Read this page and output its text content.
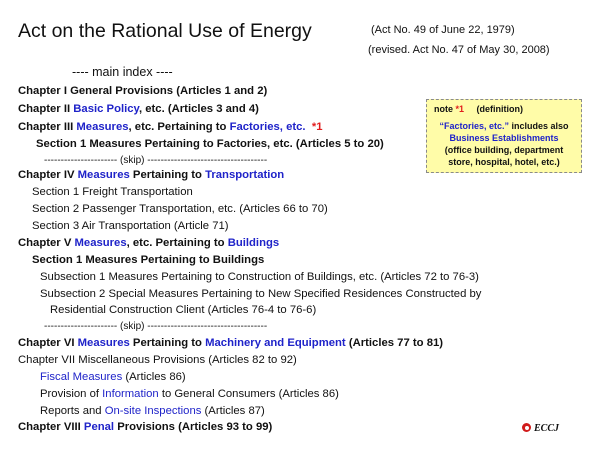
Act on the Rational Use of Energy	(Act No. 49 of June 22, 1979)
(revised. Act No. 47 of May 30, 2008)
---- main index ----
Chapter I General Provisions (Articles 1 and 2)
Chapter II Basic Policy, etc. (Articles 3 and 4)
Chapter III Measures, etc. Pertaining to Factories, etc. *1
Section 1 Measures Pertaining to Factories, etc. (Articles 5 to 20)
---------------------- (skip) ------------------------------------
Chapter IV Measures Pertaining to Transportation
Section 1 Freight Transportation
Section 2 Passenger Transportation, etc. (Articles 66 to 70)
Section 3 Air Transportation (Article 71)
Chapter V Measures, etc. Pertaining to Buildings
Section 1 Measures Pertaining to Buildings
Subsection 1 Measures Pertaining to Construction of Buildings, etc. (Articles 72 to 76-3)
Subsection 2 Special Measures Pertaining to New Specified Residences Constructed by
Residential Construction Client (Articles 76-4 to 76-6)
---------------------- (skip) ------------------------------------
Chapter VI Measures Pertaining to Machinery and Equipment (Articles 77 to 81)
Chapter VII Miscellaneous Provisions (Articles 82 to 92)
Fiscal Measures (Articles 86)
Provision of Information to General Consumers (Articles 86)
Reports and On-site Inspections (Articles 87)
Chapter VIII Penal Provisions (Articles 93 to 99)
note *1 (definition)
“Factories, etc.” includes also
Business Establishments
(office building, department
store, hospital, hotel, etc.)
ECCJ
